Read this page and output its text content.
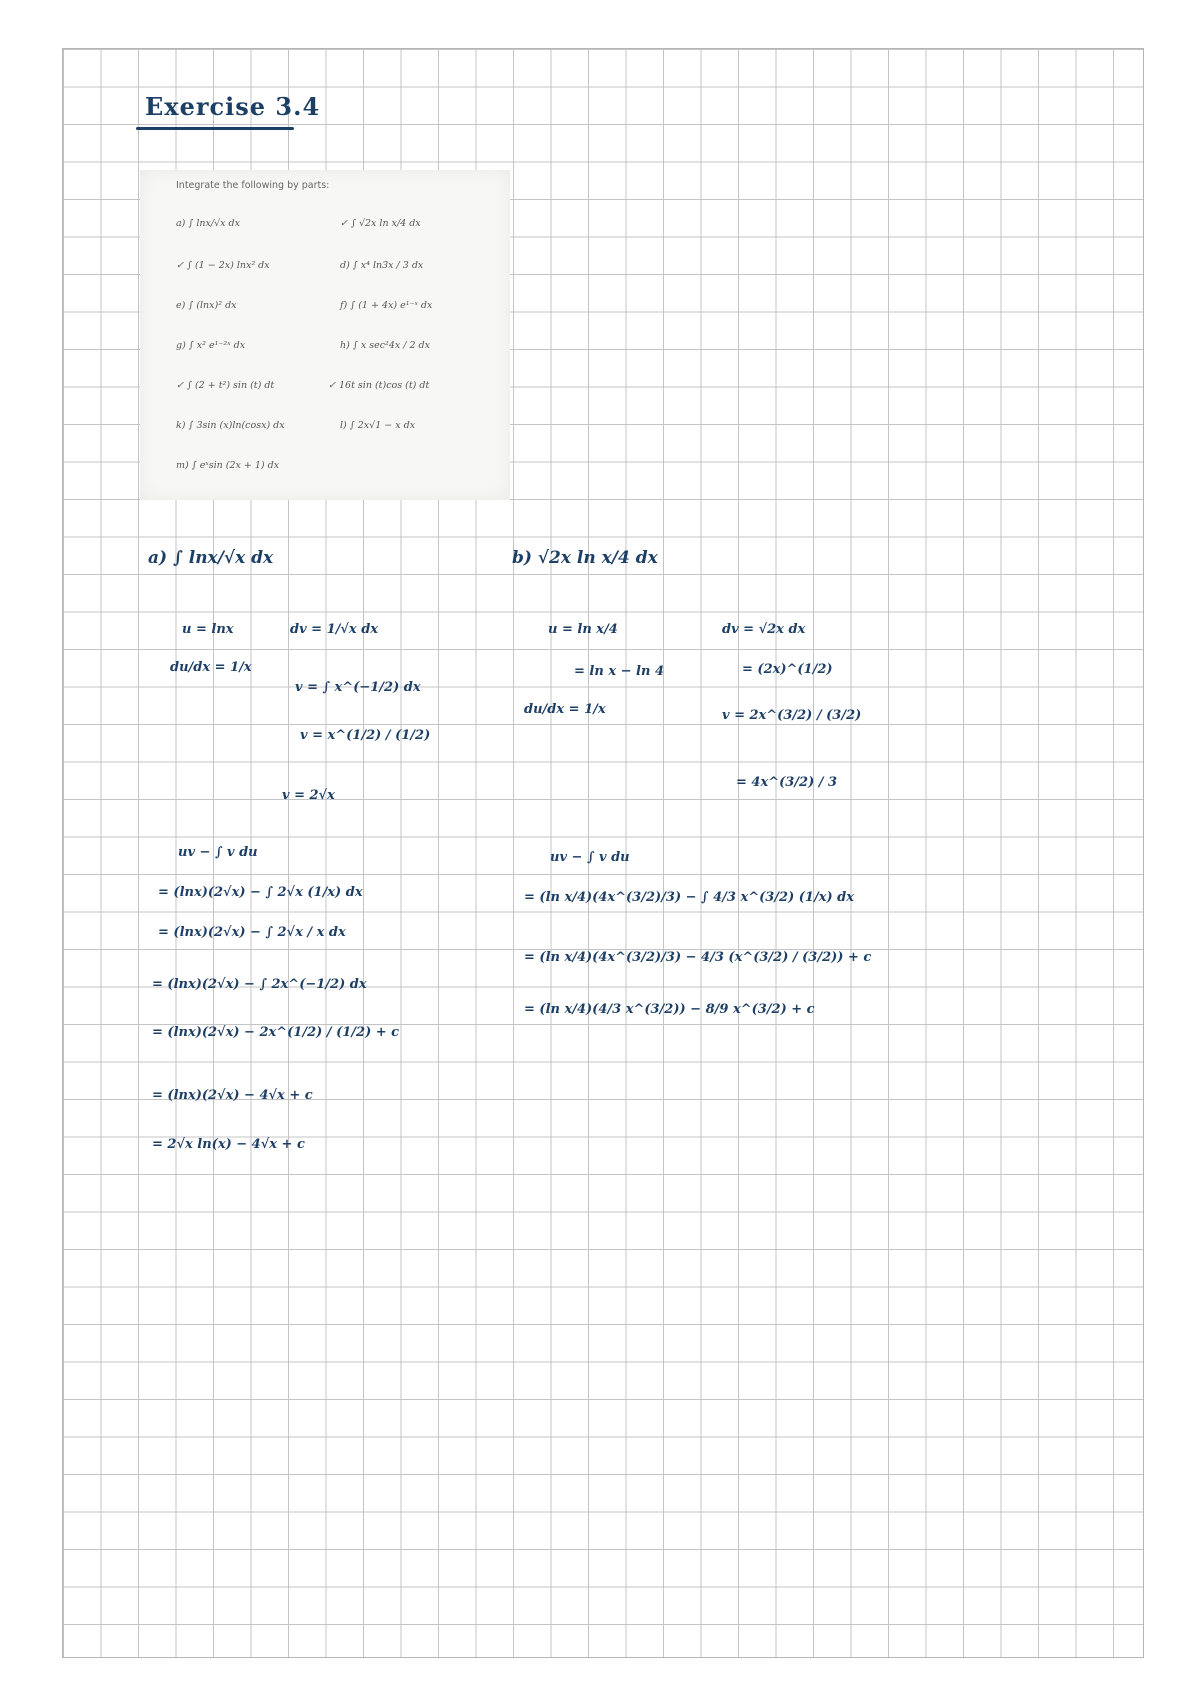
Exercise 3.4
Integrate the following by parts:
a) ∫ lnx/√x dx	✓ ∫ √2x ln x/4 dx
✓ ∫ (1 − 2x) lnx² dx	d) ∫ x⁴ ln3x / 3 dx
e) ∫ (lnx)² dx	f) ∫ (1 + 4x) e¹⁻ˣ dx
g) ∫ x² e¹⁻²ˣ dx	h) ∫ x sec²4x / 2 dx
✓ ∫ (2 + t²) sin (t) dt	✓ 16t sin (t)cos (t) dt
k) ∫ 3sin (x)ln(cosx) dx	l) ∫ 2x√1 − x dx
m) ∫ eˣsin (2x + 1) dx
a) ∫ lnx/√x dx
u = lnx
du/dx = 1/x
dv = 1/√x dx
v = ∫ x^(−1/2) dx
v = x^(1/2) / (1/2)
v = 2√x
uv − ∫ v du
= (lnx)(2√x) − ∫ 2√x (1/x) dx
= (lnx)(2√x) − ∫ 2√x / x dx
= (lnx)(2√x) − ∫ 2x^(−1/2) dx
= (lnx)(2√x) − 2x^(1/2) / (1/2) + c
= (lnx)(2√x) − 4√x + c
= 2√x ln(x) − 4√x + c
b) √2x ln x/4 dx
u = ln x/4
= ln x − ln 4
du/dx = 1/x
dv = √2x dx
= (2x)^(1/2)
v = 2x^(3/2) / (3/2)
= 4x^(3/2) / 3
uv − ∫ v du
= (ln x/4)(4x^(3/2)/3) − ∫ 4/3 x^(3/2) (1/x) dx
= (ln x/4)(4x^(3/2)/3) − 4/3 (x^(3/2) / (3/2)) + c
= (ln x/4)(4/3 x^(3/2)) − 8/9 x^(3/2) + c
